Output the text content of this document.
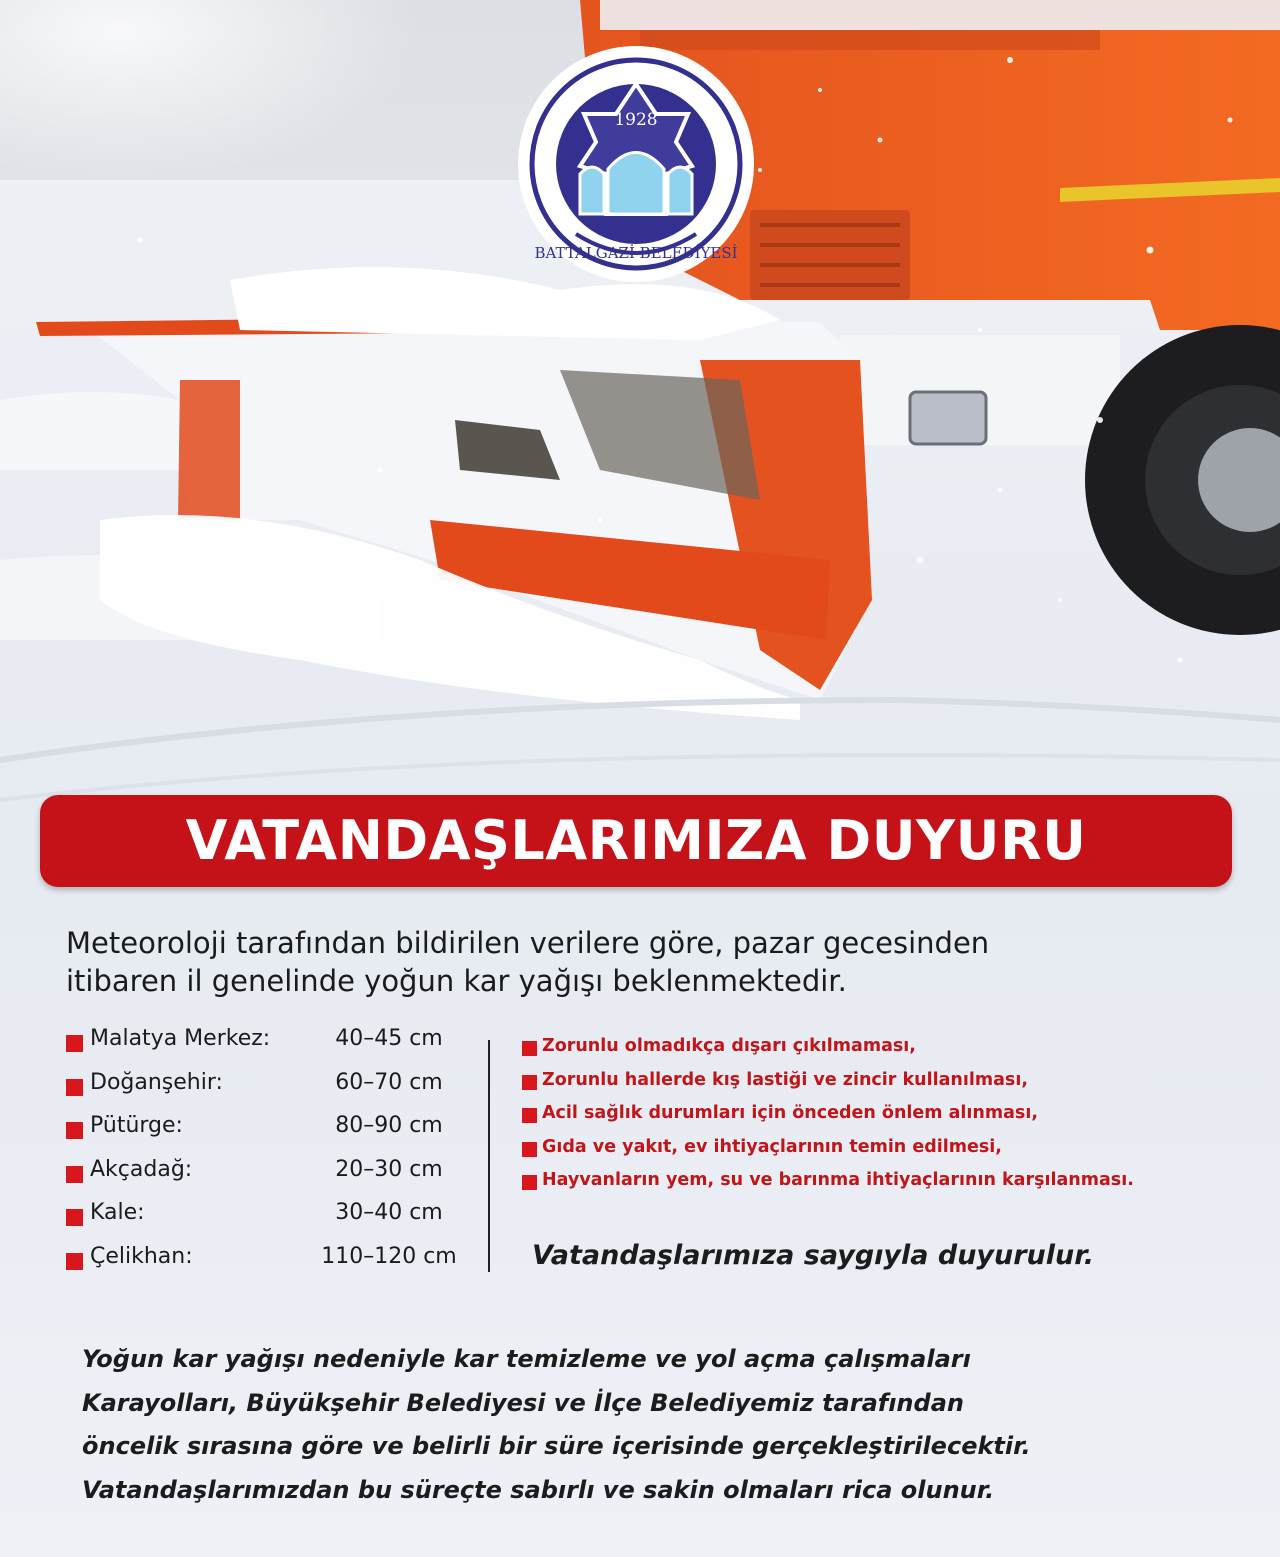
BATTALGAZİ BELEDİYESİ
1928
VATANDAŞLARIMIZA DUYURU
Meteoroloji tarafından bildirilen verilere göre, pazar gecesinden
itibaren il genelinde yoğun kar yağışı beklenmektedir.
Malatya Merkez:	40–45 cm
Doğanşehir:	60–70 cm
Pütürge:	80–90 cm
Akçadağ:	20–30 cm
Kale:	30–40 cm
Çelikhan:	110–120 cm
Zorunlu olmadıkça dışarı çıkılmaması,
Zorunlu hallerde kış lastiği ve zincir kullanılması,
Acil sağlık durumları için önceden önlem alınması,
Gıda ve yakıt, ev ihtiyaçlarının temin edilmesi,
Hayvanların yem, su ve barınma ihtiyaçlarının karşılanması.

Vatandaşlarımıza saygıyla duyurulur.

Yoğun kar yağışı nedeniyle kar temizleme ve yol açma çalışmaları
Karayolları, Büyükşehir Belediyesi ve İlçe Belediyemiz tarafından
öncelik sırasına göre ve belirli bir süre içerisinde gerçekleştirilecektir.
Vatandaşlarımızdan bu süreçte sabırlı ve sakin olmaları rica olunur.
